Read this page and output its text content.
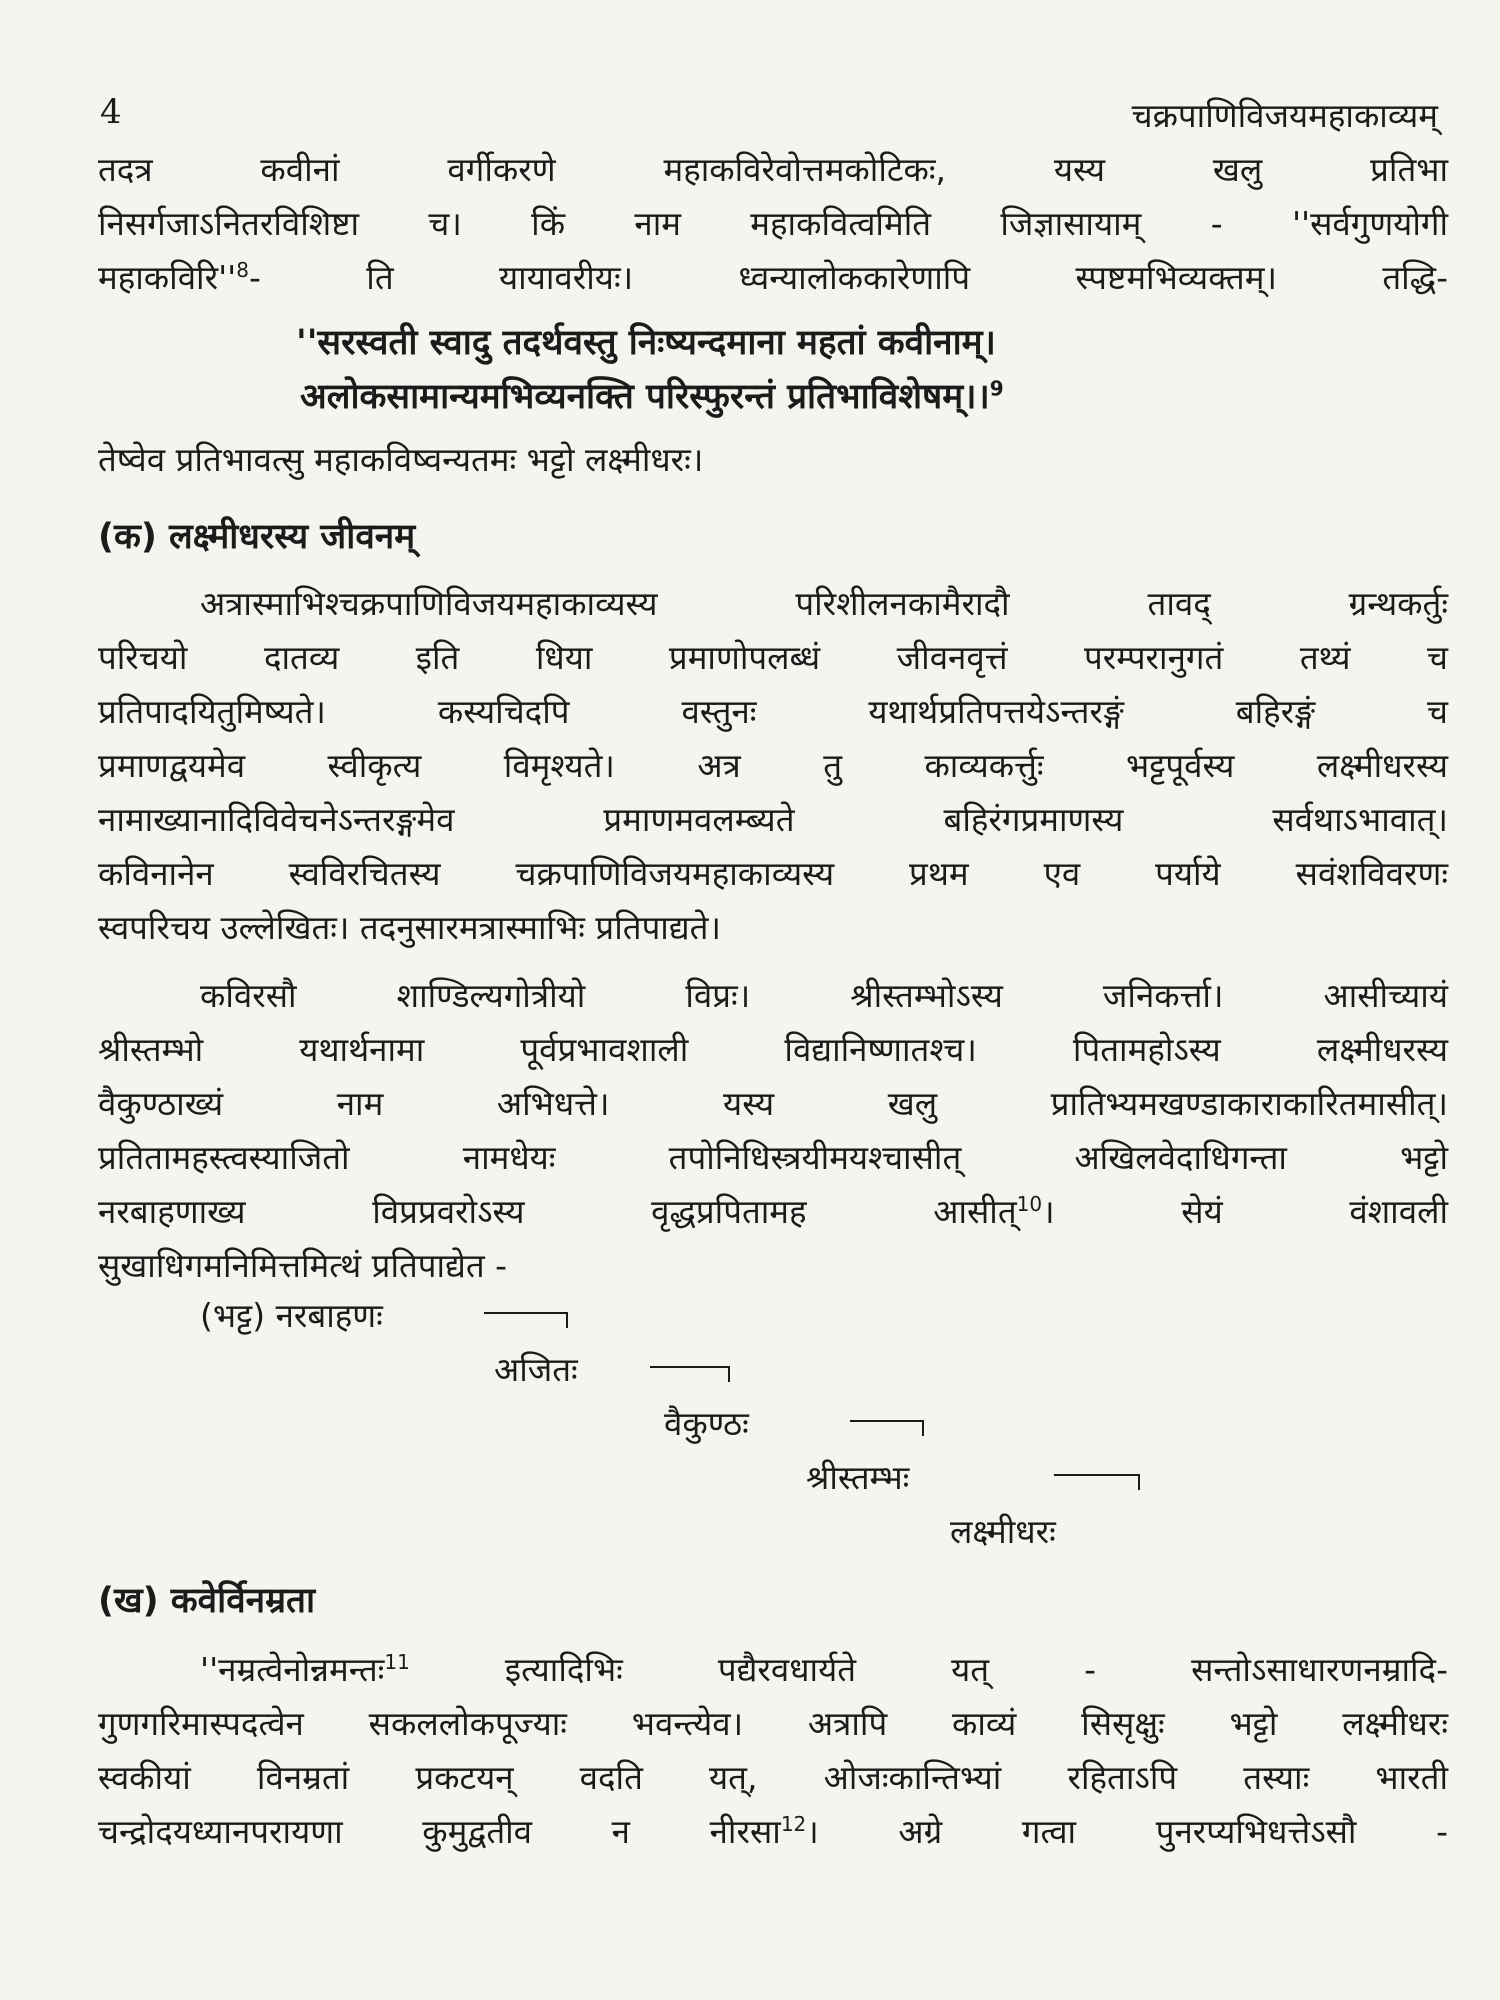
4	चक्रपाणिविजयमहाकाव्यम्
तदत्र कवीनां वर्गीकरणे महाकविरेवोत्तमकोटिकः, यस्य खलु प्रतिभा
निसर्गजाऽनितरविशिष्टा च। किं नाम महाकवित्वमिति जिज्ञासायाम् - ''सर्वगुणयोगी
$महाकविरि''^8-$ ति यायावरीयः। ध्वन्यालोककारेणापि स्पष्टमभिव्यक्तम्। तद्धि-
''सरस्वती स्वादु तदर्थवस्तु निःष्यन्दमाना महतां कवीनाम्।
अलोकसामान्यमभिव्यनक्ति परिस्फुरन्तं प्रतिभाविशेषम्।।$^9$
तेष्वेव प्रतिभावत्सु महाकविष्वन्यतमः भट्टो लक्ष्मीधरः।
(क) लक्ष्मीधरस्य जीवनम्
अत्रास्माभिश्चक्रपाणिविजयमहाकाव्यस्य परिशीलनकामैरादौ तावद् ग्रन्थकर्तुः
परिचयो दातव्य इति धिया प्रमाणोपलब्धं जीवनवृत्तं परम्परानुगतं तथ्यं च
प्रतिपादयितुमिष्यते। कस्यचिदपि वस्तुनः यथार्थप्रतिपत्तयेऽन्तरङ्गं बहिरङ्गं च
प्रमाणद्वयमेव स्वीकृत्य विमृश्यते। अत्र तु काव्यकर्त्तुः भट्टपूर्वस्य लक्ष्मीधरस्य
नामाख्यानादिविवेचनेऽन्तरङ्गमेव प्रमाणमवलम्ब्यते बहिरंगप्रमाणस्य सर्वथाऽभावात्।
कविनानेन स्वविरचितस्य चक्रपाणिविजयमहाकाव्यस्य प्रथम एव पर्याये सवंशविवरणः
स्वपरिचय उल्लेखितः। तदनुसारमत्रास्माभिः प्रतिपाद्यते।
कविरसौ शाण्डिल्यगोत्रीयो विप्रः। श्रीस्तम्भोऽस्य जनिकर्त्ता। आसीच्यायं
श्रीस्तम्भो यथार्थनामा पूर्वप्रभावशाली विद्यानिष्णातश्च। पितामहोऽस्य लक्ष्मीधरस्य
वैकुण्ठाख्यं नाम अभिधत्ते। यस्य खलु प्रातिभ्यमखण्डाकाराकारितमासीत्।
प्रतितामहस्त्वस्याजितो नामधेयः तपोनिधिस्त्रयीमयश्चासीत् अखिलवेदाधिगन्ता भट्टो
नरबाहणाख्य विप्रप्रवरोऽस्य वृद्धप्रपितामह आसीत्$^{10}$। सेयं वंशावली
सुखाधिगमनिमित्तमित्थं प्रतिपाद्येत -
(भट्ट) नरबाहणः
अजितः
वैकुण्ठः
श्रीस्तम्भः
लक्ष्मीधरः
(ख) कवेर्विनम्रता
''नम्रत्वेनोन्नमन्तः$^{11}$ इत्यादिभिः पद्यैरवधार्यते यत् - सन्तोऽसाधारणनम्रादि-
गुणगरिमास्पदत्वेन सकललोकपूज्याः भवन्त्येव। अत्रापि काव्यं सिसृक्षुः भट्टो लक्ष्मीधरः
स्वकीयां विनम्रतां प्रकटयन् वदति यत्, ओजःकान्तिभ्यां रहिताऽपि तस्याः भारती
चन्द्रोदयध्यानपरायणा कुमुद्वतीव न नीरसा$^{12}$। अग्रे गत्वा पुनरप्यभिधत्तेऽसौ -
